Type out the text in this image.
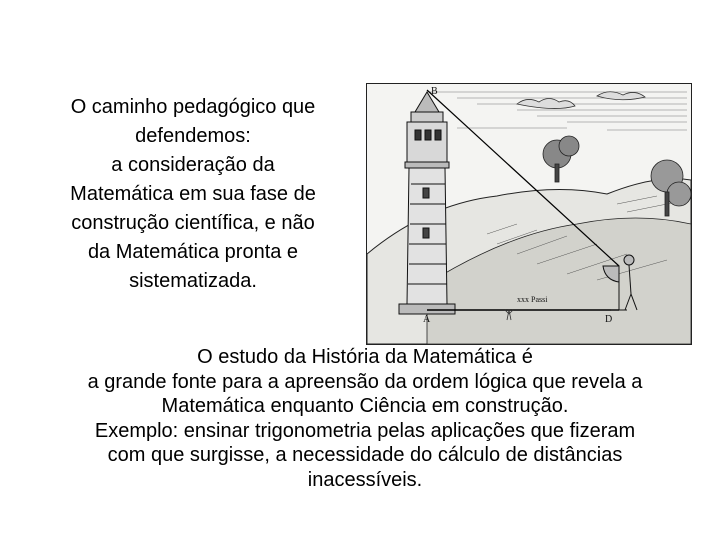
O caminho pedagógico que
defendemos:
a consideração da
Matemática em sua fase de
construção científica, e não
da Matemática pronta e
sistematizada.
B
A	D
xxx Passi
O estudo da História da Matemática é
a grande fonte para a apreensão da ordem lógica que revela a
Matemática enquanto Ciência em construção.
Exemplo: ensinar trigonometria pelas aplicações que fizeram
com que surgisse, a necessidade do cálculo de distâncias
inacessíveis.
